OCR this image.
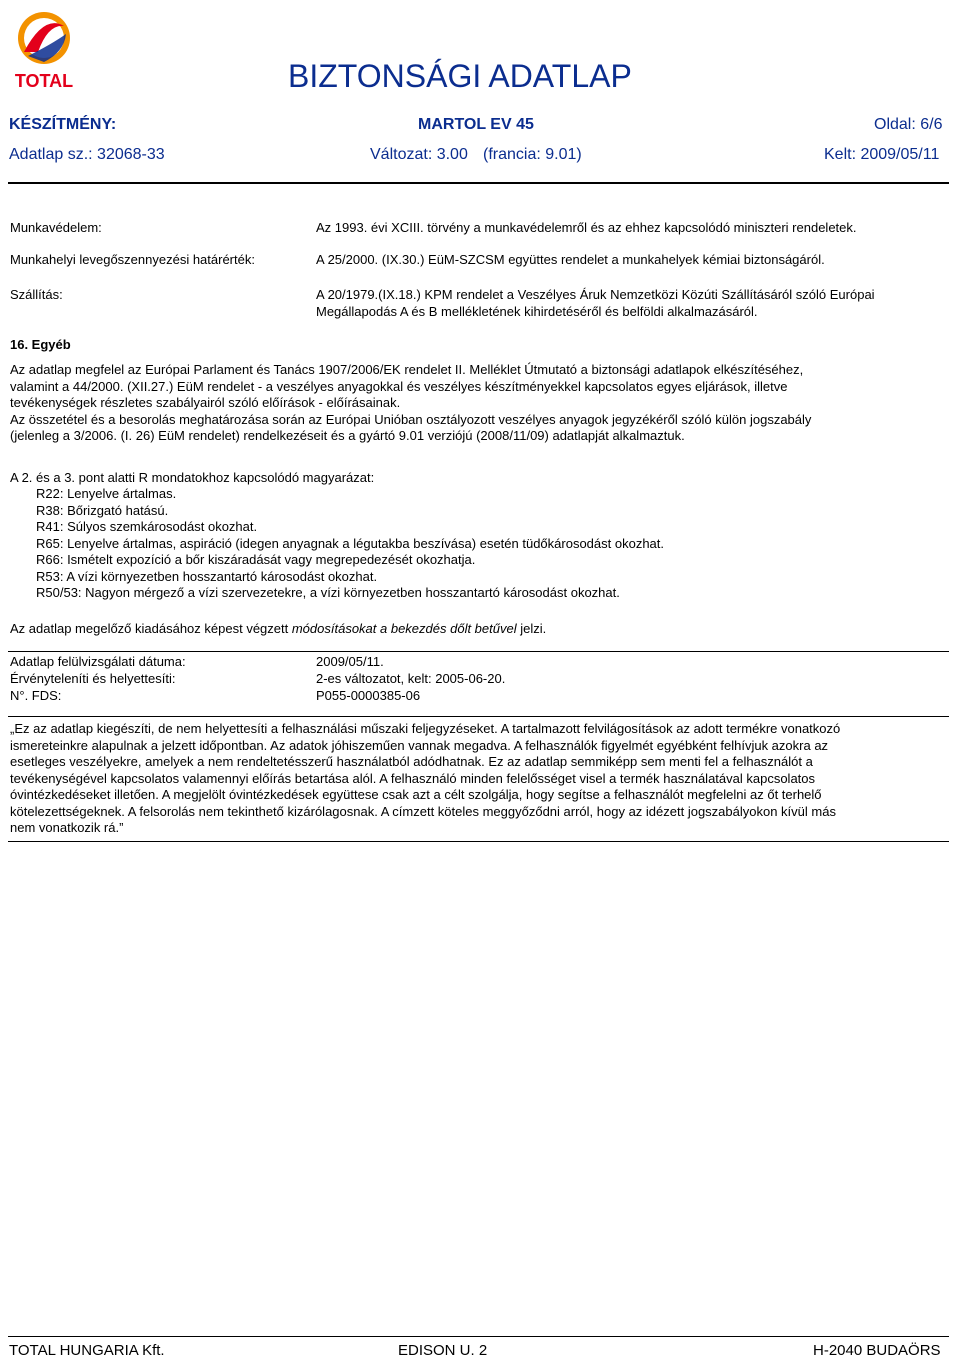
TOTAL	BIZTONSÁGI ADATLAP
KÉSZÍTMÉNY:	MARTOL EV 45	Oldal: 6/6
Adatlap sz.: 32068-33	Változat: 3.00 (francia: 9.01)	Kelt: 2009/05/11
Munkavédelem:	Az 1993. évi XCIII. törvény a munkavédelemről és az ehhez kapcsolódó miniszteri rendeletek.
Munkahelyi levegőszennyezési határérték:	A 25/2000. (IX.30.) EüM-SZCSM együttes rendelet a munkahelyek kémiai biztonságáról.
Szállítás:	A 20/1979.(IX.18.) KPM rendelet a Veszélyes Áruk Nemzetközi Közúti Szállításáról szóló Európai
Megállapodás A és B mellékletének kihirdetéséről és belföldi alkalmazásáról.
16. Egyéb
Az adatlap megfelel az Európai Parlament és Tanács 1907/2006/EK rendelet II. Melléklet Útmutató a biztonsági adatlapok elkészítéséhez,
valamint a 44/2000. (XII.27.) EüM rendelet - a veszélyes anyagokkal és veszélyes készítményekkel kapcsolatos egyes eljárások, illetve
tevékenységek részletes szabályairól szóló előírások - előírásainak.
Az összetétel és a besorolás meghatározása során az Európai Unióban osztályozott veszélyes anyagok jegyzékéről szóló külön jogszabály
(jelenleg a 3/2006. (I. 26) EüM rendelet) rendelkezéseit és a gyártó 9.01 verziójú (2008/11/09) adatlapját alkalmaztuk.
A 2. és a 3. pont alatti R mondatokhoz kapcsolódó magyarázat:
R22: Lenyelve ártalmas.
R38: Bőrizgató hatású.
R41: Súlyos szemkárosodást okozhat.
R65: Lenyelve ártalmas, aspiráció (idegen anyagnak a légutakba beszívása) esetén tüdőkárosodást okozhat.
R66: Ismételt expozíció a bőr kiszáradását vagy megrepedezését okozhatja.
R53: A vízi környezetben hosszantartó károsodást okozhat.
R50/53: Nagyon mérgező a vízi szervezetekre, a vízi környezetben hosszantartó károsodást okozhat.
Az adatlap megelőző kiadásához képest végzett módosításokat a bekezdés dőlt betűvel jelzi.
Adatlap felülvizsgálati dátuma:	2009/05/11.
Érvényteleníti és helyettesíti:	2-es változatot, kelt: 2005-06-20.
N°. FDS:	P055-0000385-06
„Ez az adatlap kiegészíti, de nem helyettesíti a felhasználási műszaki feljegyzéseket. A tartalmazott felvilágosítások az adott termékre vonatkozó
ismereteinkre alapulnak a jelzett időpontban. Az adatok jóhiszeműen vannak megadva. A felhasználók figyelmét egyébként felhívjuk azokra az
esetleges veszélyekre, amelyek a nem rendeltetésszerű használatból adódhatnak. Ez az adatlap semmiképp sem menti fel a felhasználót a
tevékenységével kapcsolatos valamennyi előírás betartása alól. A felhasználó minden felelősséget visel a termék használatával kapcsolatos
óvintézkedéseket illetően. A megjelölt óvintézkedések együttese csak azt a célt szolgálja, hogy segítse a felhasználót megfelelni az őt terhelő
kötelezettségeknek. A felsorolás nem tekinthető kizárólagosnak. A címzett köteles meggyőződni arról, hogy az idézett jogszabályokon kívül más
nem vonatkozik rá.”
TOTAL HUNGARIA Kft.	EDISON U. 2	H-2040 BUDAÖRS
